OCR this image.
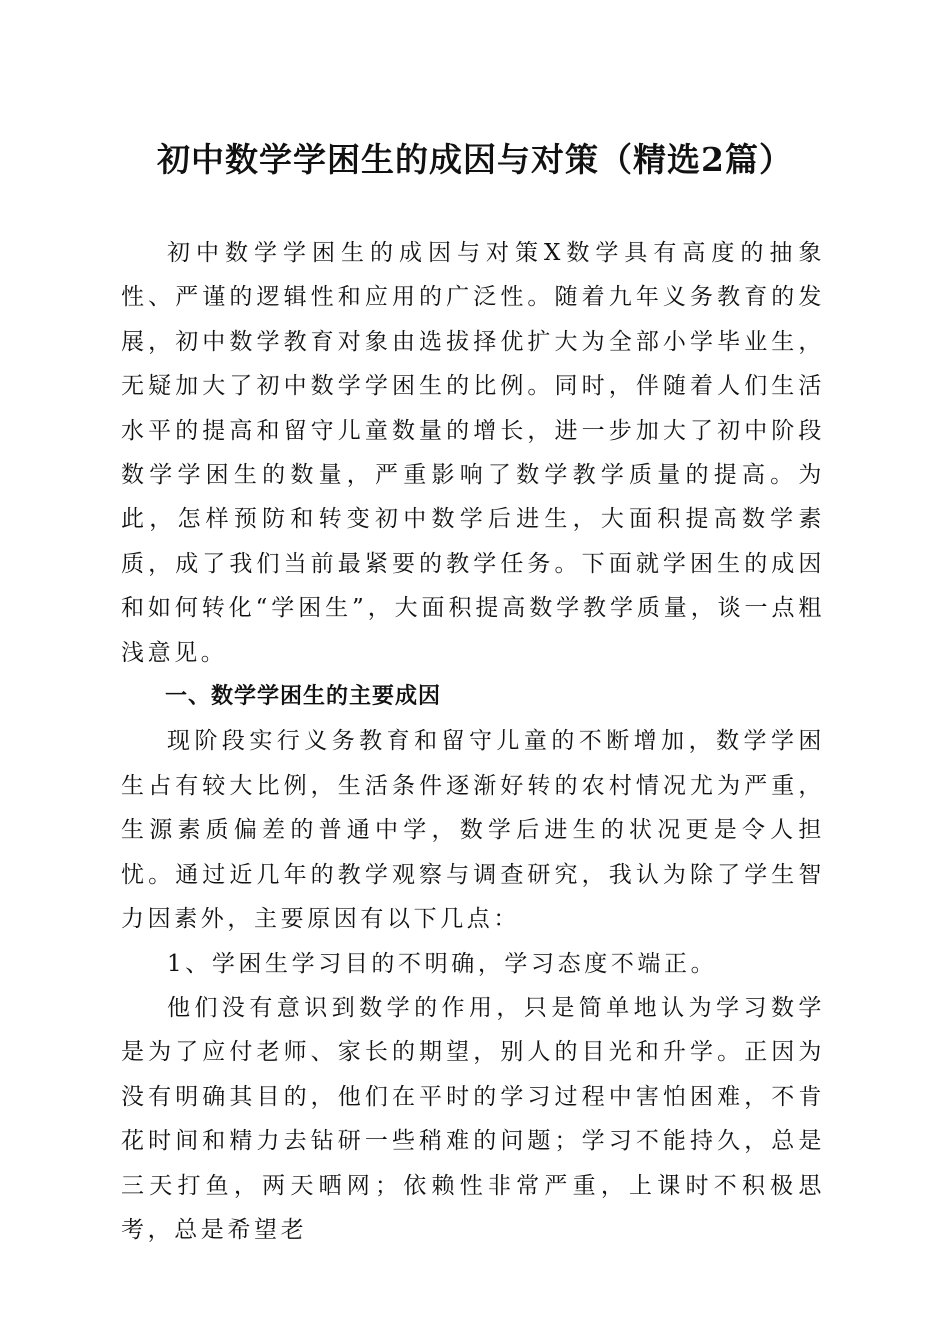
初中数学学困生的成因与对策（精选2篇）

初中数学学困生的成因与对策X数学具有高度的抽象性、严谨的逻辑性和应用的广泛性。随着九年义务教育的发展，初中数学教育对象由选拔择优扩大为全部小学毕业生，无疑加大了初中数学学困生的比例。同时，伴随着人们生活水平的提高和留守儿童数量的增长，进一步加大了初中阶段数学学困生的数量，严重影响了数学教学质量的提高。为此，怎样预防和转变初中数学后进生，大面积提高数学素质，成了我们当前最紧要的教学任务。下面就学困生的成因和如何转化“学困生”，大面积提高数学教学质量，谈一点粗浅意见。

一、数学学困生的主要成因

现阶段实行义务教育和留守儿童的不断增加，数学学困生占有较大比例，生活条件逐渐好转的农村情况尤为严重，生源素质偏差的普通中学，数学后进生的状况更是令人担忧。通过近几年的教学观察与调查研究，我认为除了学生智力因素外，主要原因有以下几点：

1、学困生学习目的不明确，学习态度不端正。

他们没有意识到数学的作用，只是简单地认为学习数学是为了应付老师、家长的期望，别人的目光和升学。正因为没有明确其目的，他们在平时的学习过程中害怕困难，不肯花时间和精力去钻研一些稍难的问题；学习不能持久，总是三天打鱼，两天晒网；依赖性非常严重，上课时不积极思考，总是希望老
